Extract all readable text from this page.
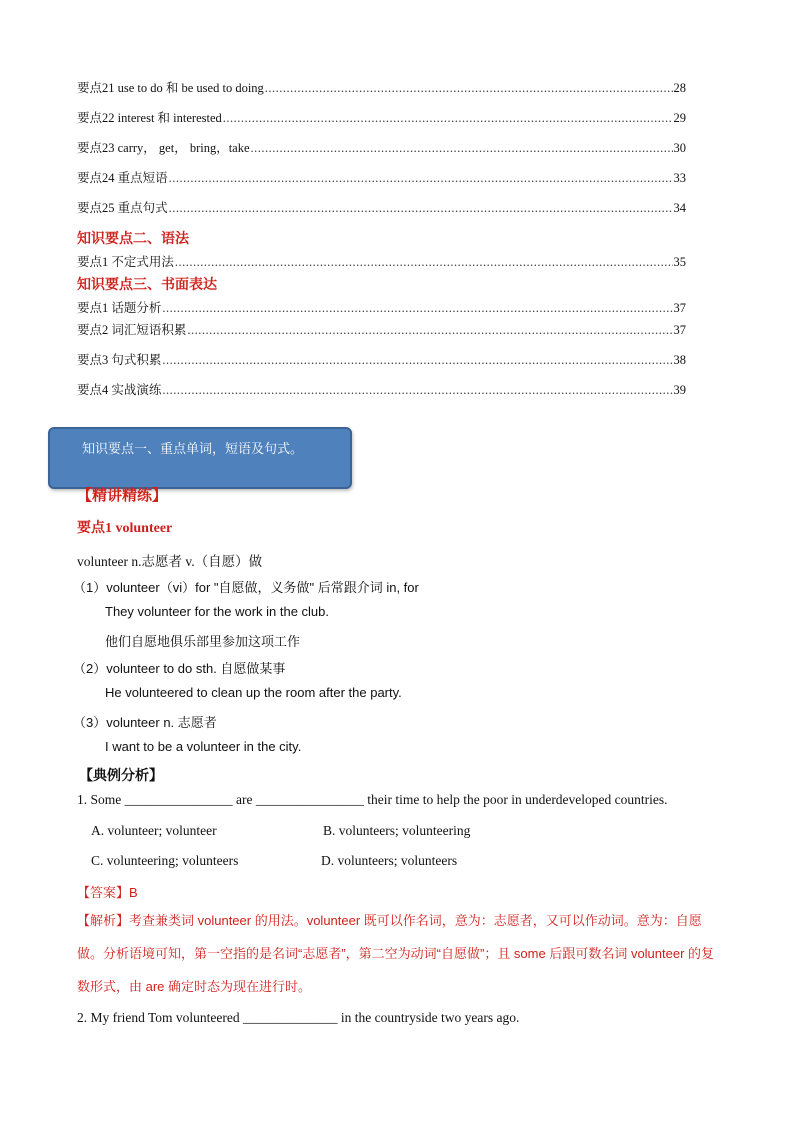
要点21 use to do 和 be used to doing .....	28
要点22 interest 和 interested .....	29
要点23 carry， get， bring，take .....	30
要点24 重点短语 .....	33
要点25 重点句式 .....	34
知识要点二、语法
要点1 不定式用法 .....	35
知识要点三、书面表达
要点1 话题分析 .....	37
要点2 词汇短语积累 .....	37
要点3 句式积累 .....	38
要点4 实战演练 .....	39
知识要点一、重点单词，短语及句式。
【精讲精练】
要点1 volunteer
volunteer n.志愿者 v.（自愿）做
（1）volunteer（vi）for "自愿做，义务做" 后常跟介词 in, for
They volunteer for the work in the club.
他们自愿地俱乐部里参加这项工作
（2）volunteer to do sth. 自愿做某事
He volunteered to clean up the room after the party.
（3）volunteer n. 志愿者
I want to be a volunteer in the city.
【典例分析】
1. Some ________________ are ________________ their time to help the poor in underdeveloped countries.
A. volunteer; volunteer	B. volunteers; volunteering
C. volunteering; volunteers	D. volunteers; volunteers
【答案】B
【解析】考查兼类词 volunteer 的用法。volunteer 既可以作名词，意为：志愿者，又可以作动词。意为：自愿做。分析语境可知，第一空指的是名词“志愿者”，第二空为动词“自愿做”；且 some 后跟可数名词 volunteer 的复数形式，由 are 确定时态为现在进行时。
2. My friend Tom volunteered ______________ in the countryside two years ago.
